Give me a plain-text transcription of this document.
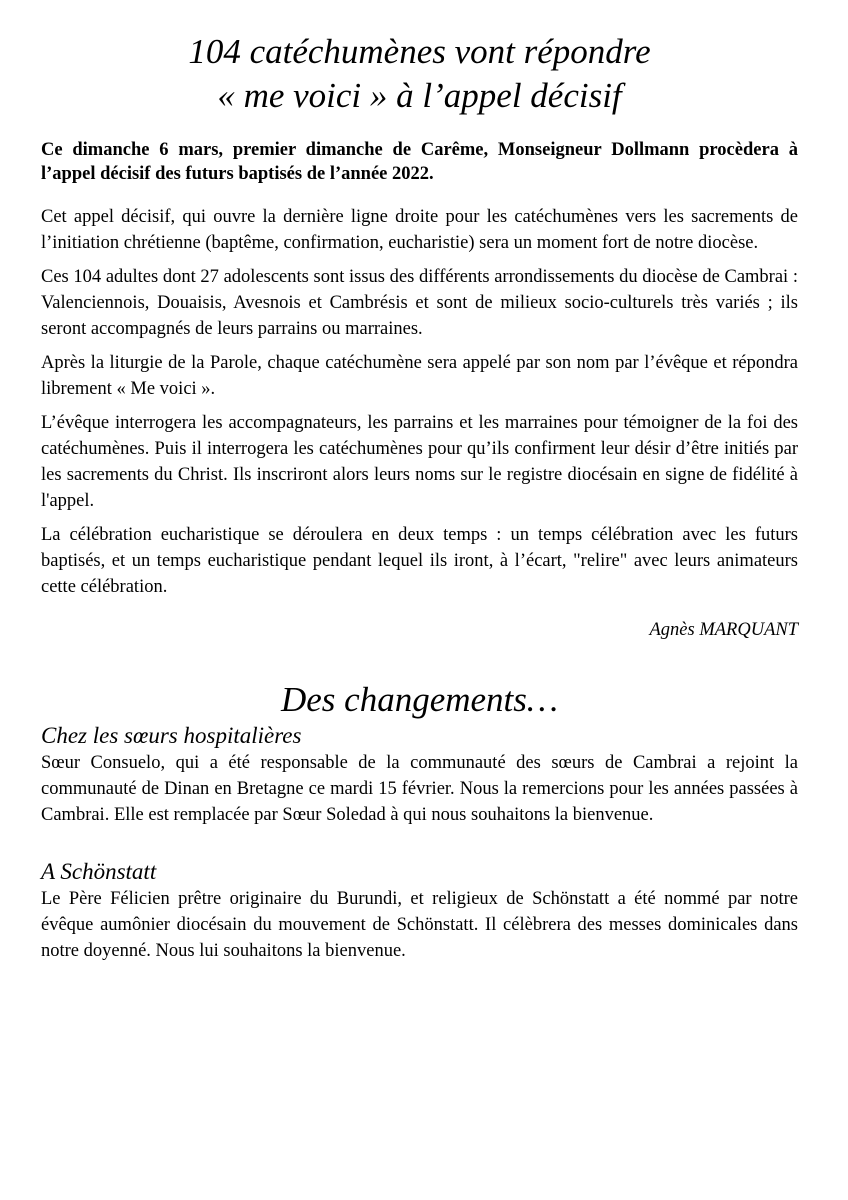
104 catéchumènes vont répondre
« me voici » à l’appel décisif

Ce dimanche 6 mars, premier dimanche de Carême, Monseigneur Dollmann procèdera à l’appel décisif des futurs baptisés de l’année 2022.

Cet appel décisif, qui ouvre la dernière ligne droite pour les catéchumènes vers les sacrements de l’initiation chrétienne (baptême, confirmation, eucharistie) sera un moment fort de notre diocèse.

Ces 104 adultes dont 27 adolescents sont issus des différents arrondissements du diocèse de Cambrai : Valenciennois, Douaisis, Avesnois et Cambrésis et sont de milieux socio-culturels très variés ; ils seront accompagnés de leurs parrains ou marraines.

Après la liturgie de la Parole, chaque catéchumène sera appelé par son nom par l’évêque et répondra librement « Me voici ».

L’évêque interrogera les accompagnateurs, les parrains et les marraines pour témoigner de la foi des catéchumènes. Puis il interrogera les catéchumènes pour qu’ils confirment leur désir d’être initiés par les sacrements du Christ. Ils inscriront alors leurs noms sur le registre diocésain en signe de fidélité à l'appel.

La célébration eucharistique se déroulera en deux temps : un temps célébration avec les futurs baptisés, et un temps eucharistique pendant lequel ils iront, à l’écart, "relire" avec leurs animateurs cette célébration.

Agnès MARQUANT
Des changements…
Chez les sœurs hospitalières

Sœur Consuelo, qui a été responsable de la communauté des sœurs de Cambrai a rejoint la communauté de Dinan en Bretagne ce mardi 15 février. Nous la remercions pour les années passées à Cambrai. Elle est remplacée par Sœur Soledad à qui nous souhaitons la bienvenue.

A Schönstatt

Le Père Félicien prêtre originaire du Burundi, et religieux de Schönstatt a été nommé par notre évêque aumônier diocésain du mouvement de Schönstatt. Il célèbrera des messes dominicales dans notre doyenné. Nous lui souhaitons la bienvenue.
